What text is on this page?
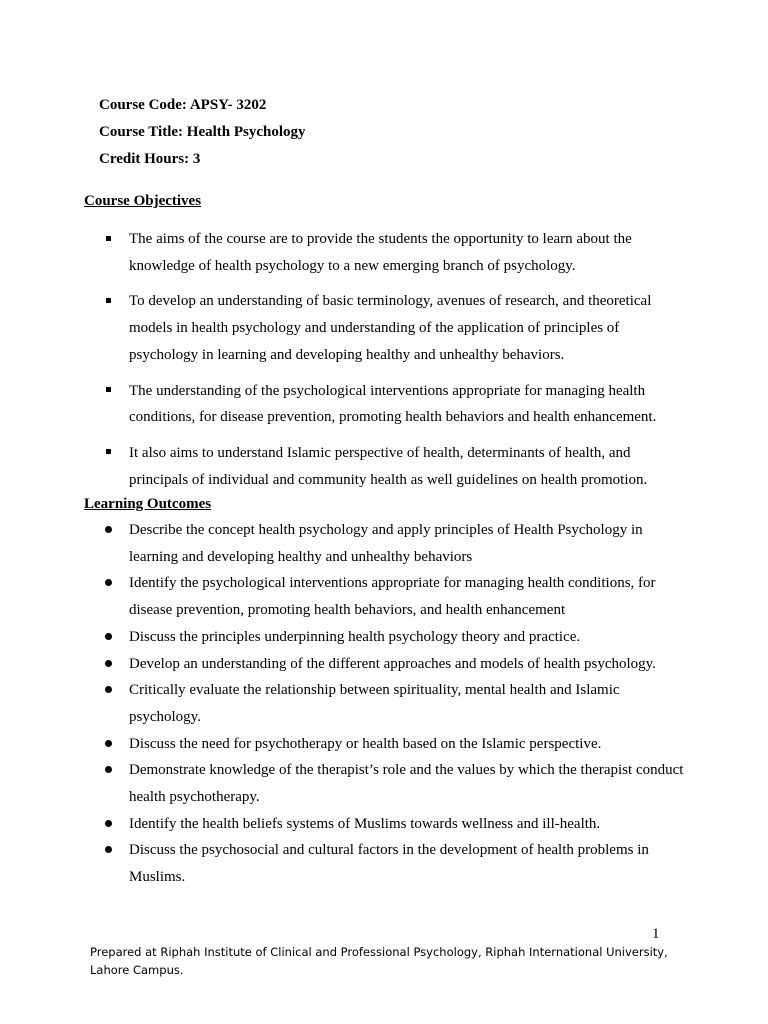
Course Code: APSY- 3202
Course Title: Health Psychology
Credit Hours: 3
Course Objectives
The aims of the course are to provide the students the opportunity to learn about the knowledge of health psychology to a new emerging branch of psychology.
To develop an understanding of basic terminology, avenues of research, and theoretical models in health psychology and understanding of the application of principles of psychology in learning and developing healthy and unhealthy behaviors.
The understanding of the psychological interventions appropriate for managing health conditions, for disease prevention, promoting health behaviors and health enhancement.
It also aims to understand Islamic perspective of health, determinants of health, and principals of individual and community health as well guidelines on health promotion.
Learning Outcomes
Describe the concept health psychology and apply principles of Health Psychology in learning and developing healthy and unhealthy behaviors
Identify the psychological interventions appropriate for managing health conditions, for disease prevention, promoting health behaviors, and health enhancement
Discuss the principles underpinning health psychology theory and practice.
Develop an understanding of the different approaches and models of health psychology.
Critically evaluate the relationship between spirituality, mental health and Islamic psychology.
Discuss the need for psychotherapy or health based on the Islamic perspective.
Demonstrate knowledge of the therapist’s role and the values by which the therapist conduct health psychotherapy.
Identify the health beliefs systems of Muslims towards wellness and ill-health.
Discuss the psychosocial and cultural factors in the development of health problems in Muslims.
1
Prepared at Riphah Institute of Clinical and Professional Psychology, Riphah International University,
Lahore Campus.
